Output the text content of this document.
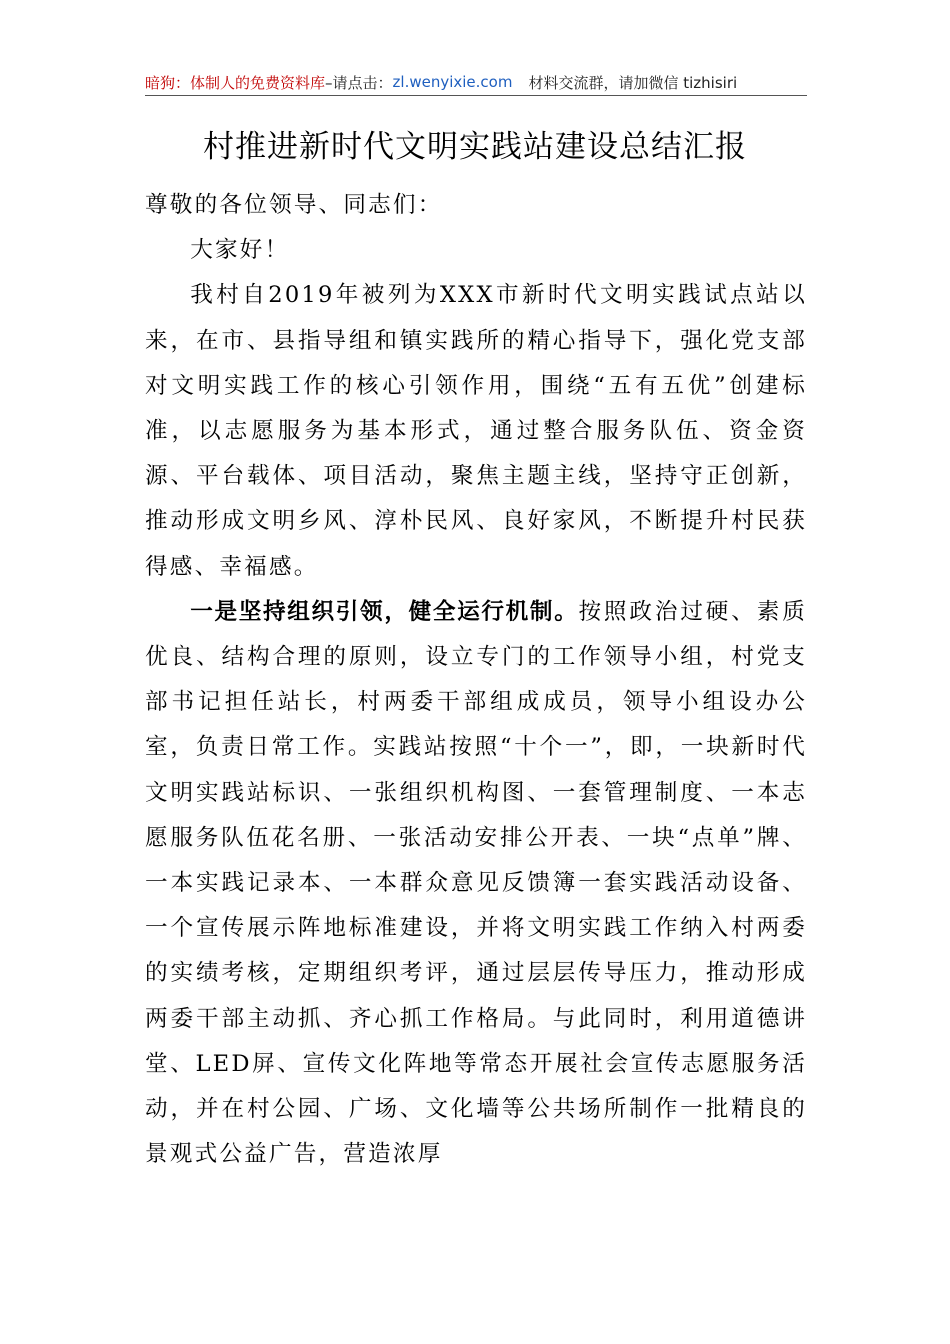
暗狗：体制人的免费资料库 –请点击： zl.wenyixie.com 材料交流群，请加微信 tizhisiri
村推进新时代文明实践站建设总结汇报

尊敬的各位领导、同志们：

大家好！

我村自2019年被列为XXX市新时代文明实践试点站以来，在市、县指导组和镇实践所的精心指导下，强化党支部对文明实践工作的核心引领作用，围绕“五有五优”创建标准，以志愿服务为基本形式，通过整合服务队伍、资金资源、平台载体、项目活动，聚焦主题主线，坚持守正创新，推动形成文明乡风、淳朴民风、良好家风，不断提升村民获得感、幸福感。

一是坚持组织引领，健全运行机制。按照政治过硬、素质优良、结构合理的原则，设立专门的工作领导小组，村党支部书记担任站长，村两委干部组成成员，领导小组设办公室，负责日常工作。实践站按照“十个一”，即，一块新时代文明实践站标识、一张组织机构图、一套管理制度、一本志愿服务队伍花名册、一张活动安排公开表、一块“点单”牌、一本实践记录本、一本群众意见反馈簿一套实践活动设备、一个宣传展示阵地标准建设，并将文明实践工作纳入村两委的实绩考核，定期组织考评，通过层层传导压力，推动形成两委干部主动抓、齐心抓工作格局。与此同时，利用道德讲堂、LED屏、宣传文化阵地等常态开展社会宣传志愿服务活动，并在村公园、广场、文化墙等公共场所制作一批精良的景观式公益广告，营造浓厚
